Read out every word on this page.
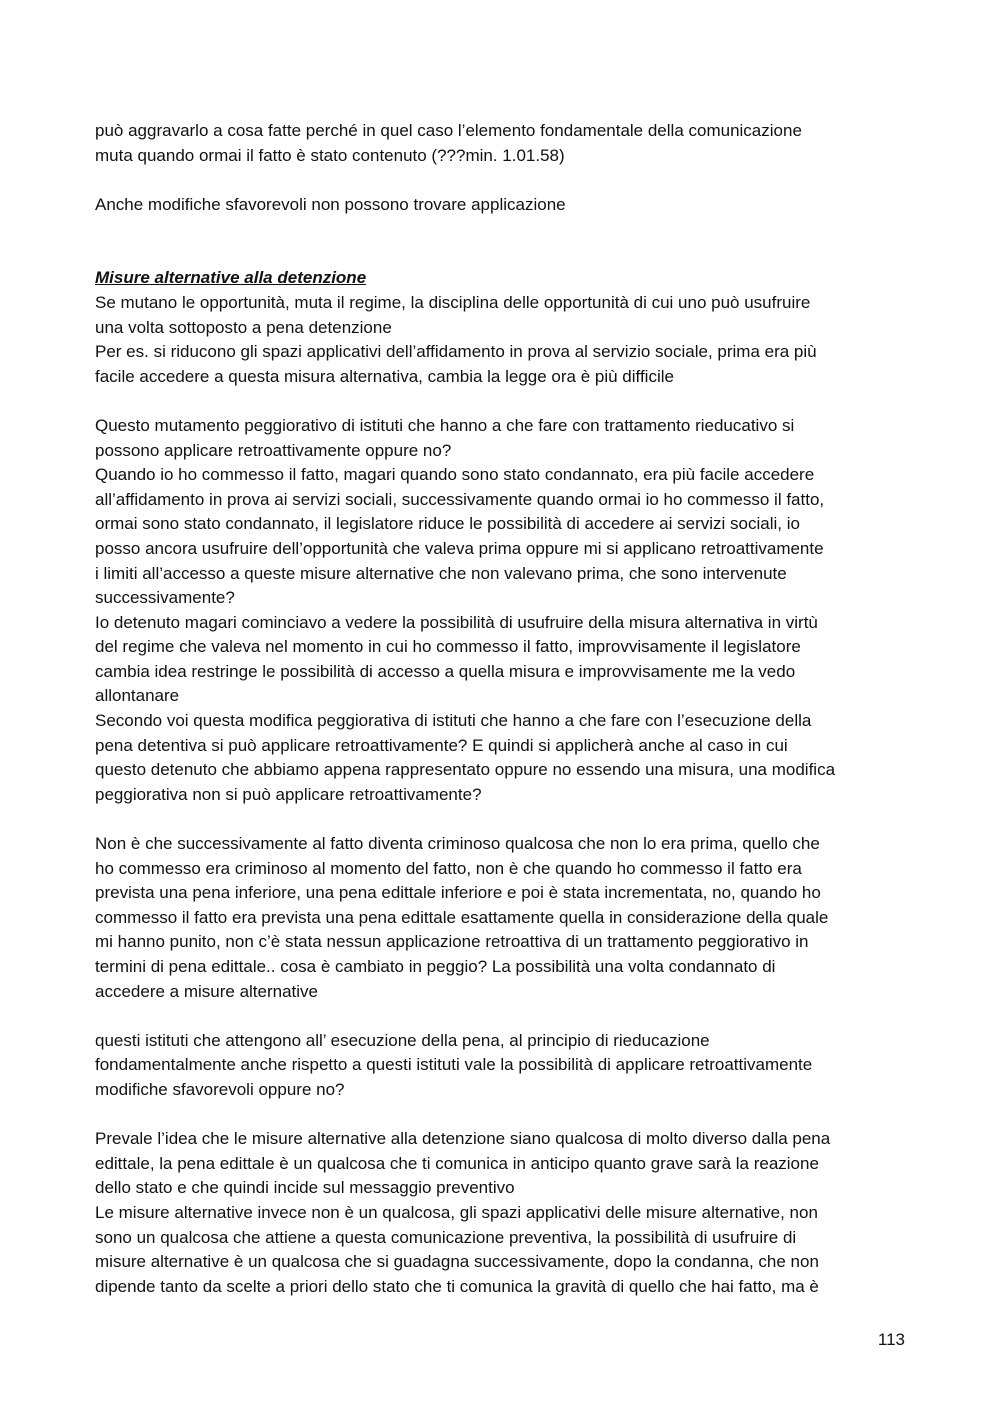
può aggravarlo a cosa fatte perché in quel caso l’elemento fondamentale della comunicazione
muta quando ormai il fatto è stato contenuto (???min. 1.01.58)

Anche modifiche sfavorevoli non possono trovare applicazione

Misure alternative alla detenzione

Se mutano le opportunità, muta il regime, la disciplina delle opportunità di cui uno può usufruire
una volta sottoposto a pena detenzione

Per es. si riducono gli spazi applicativi dell’affidamento in prova al servizio sociale, prima era più
facile accedere a questa misura alternativa, cambia la legge ora è più difficile

Questo mutamento peggiorativo di istituti che hanno a che fare con trattamento rieducativo si
possono applicare retroattivamente oppure no?

Quando io ho commesso il fatto, magari quando sono stato condannato, era più facile accedere
all’affidamento in prova ai servizi sociali, successivamente quando ormai io ho commesso il fatto,
ormai sono stato condannato, il legislatore riduce le possibilità di accedere ai servizi sociali, io
posso ancora usufruire dell’opportunità che valeva prima oppure mi si applicano retroattivamente
i limiti all’accesso a queste misure alternative che non valevano prima, che sono intervenute
successivamente?

Io detenuto magari cominciavo a vedere la possibilità di usufruire della misura alternativa in virtù
del regime che valeva nel momento in cui ho commesso il fatto, improvvisamente il legislatore
cambia idea restringe le possibilità di accesso a quella misura e improvvisamente me la vedo
allontanare

Secondo voi questa modifica peggiorativa di istituti che hanno a che fare con l’esecuzione della
pena detentiva si può applicare retroattivamente? E quindi si applicherà anche al caso in cui
questo detenuto che abbiamo appena rappresentato oppure no essendo una misura, una modifica
peggiorativa non si può applicare retroattivamente?

Non è che successivamente al fatto diventa criminoso qualcosa che non lo era prima, quello che
ho commesso era criminoso al momento del fatto, non è che quando ho commesso il fatto era
prevista una pena inferiore, una pena edittale inferiore e poi è stata incrementata, no, quando ho
commesso il fatto era prevista una pena edittale esattamente quella in considerazione della quale
mi hanno punito, non c’è stata nessun applicazione retroattiva di un trattamento peggiorativo in
termini di pena edittale.. cosa è cambiato in peggio? La possibilità una volta condannato di
accedere a misure alternative

questi istituti che attengono all’ esecuzione della pena, al principio di rieducazione
fondamentalmente anche rispetto a questi istituti vale la possibilità di applicare retroattivamente
modifiche sfavorevoli oppure no?

Prevale l’idea che le misure alternative alla detenzione siano qualcosa di molto diverso dalla pena
edittale, la pena edittale è un qualcosa che ti comunica in anticipo quanto grave sarà la reazione
dello stato e che quindi incide sul messaggio preventivo

Le misure alternative invece non è un qualcosa, gli spazi applicativi delle misure alternative, non
sono un qualcosa che attiene a questa comunicazione preventiva, la possibilità di usufruire di
misure alternative è un qualcosa che si guadagna successivamente, dopo la condanna, che non
dipende tanto da scelte a priori dello stato che ti comunica la gravità di quello che hai fatto, ma è

113
